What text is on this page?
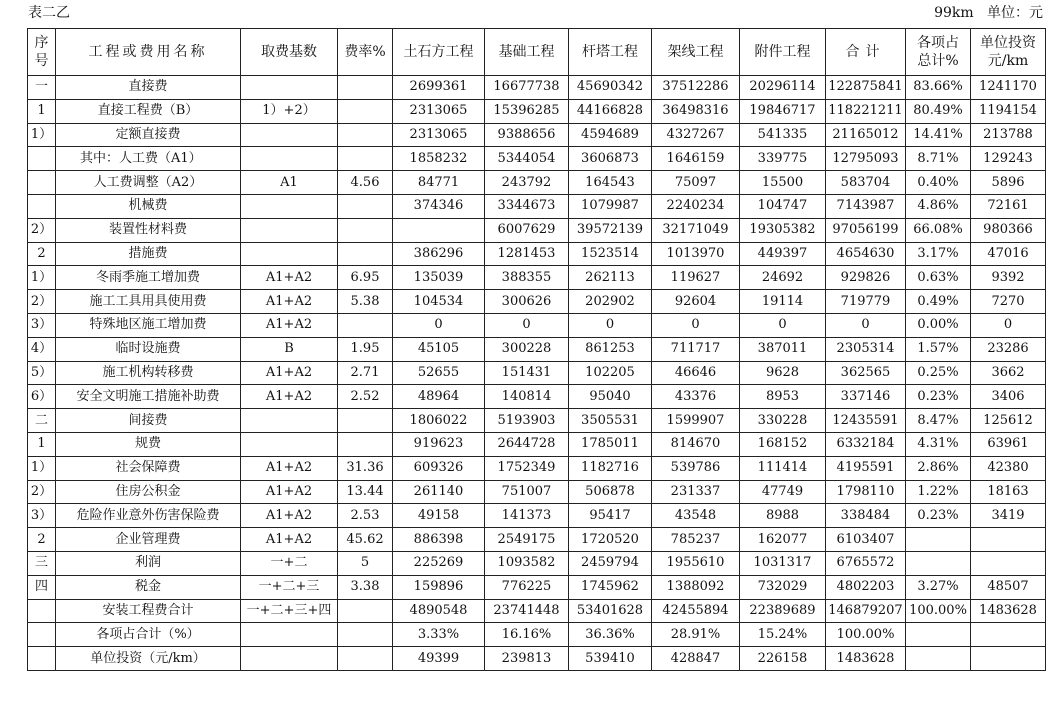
表二乙	99km 单位：元
序号	工程或费用名称	取费基数	费率%	土石方工程	基础工程	杆塔工程	架线工程	附件工程	合计	各项占总计%	单位投资元/km
一	直接费			2699361	16677738	45690342	37512286	20296114	122875841	83.66%	1241170
1	直接工程费（B）	1）+2）		2313065	15396285	44166828	36498316	19846717	118221211	80.49%	1194154
1）	定额直接费			2313065	9388656	4594689	4327267	541335	21165012	14.41%	213788
	其中：人工费（A1）			1858232	5344054	3606873	1646159	339775	12795093	8.71%	129243
	人工费调整（A2）	A1	4.56	84771	243792	164543	75097	15500	583704	0.40%	5896
	机械费			374346	3344673	1079987	2240234	104747	7143987	4.86%	72161
2）	装置性材料费				6007629	39572139	32171049	19305382	97056199	66.08%	980366
2	措施费			386296	1281453	1523514	1013970	449397	4654630	3.17%	47016
1）	冬雨季施工增加费	A1+A2	6.95	135039	388355	262113	119627	24692	929826	0.63%	9392
2）	施工工具用具使用费	A1+A2	5.38	104534	300626	202902	92604	19114	719779	0.49%	7270
3）	特殊地区施工增加费	A1+A2		0	0	0	0	0	0	0.00%	0
4）	临时设施费	B	1.95	45105	300228	861253	711717	387011	2305314	1.57%	23286
5）	施工机构转移费	A1+A2	2.71	52655	151431	102205	46646	9628	362565	0.25%	3662
6）	安全文明施工措施补助费	A1+A2	2.52	48964	140814	95040	43376	8953	337146	0.23%	3406
二	间接费			1806022	5193903	3505531	1599907	330228	12435591	8.47%	125612
1	规费			919623	2644728	1785011	814670	168152	6332184	4.31%	63961
1）	社会保障费	A1+A2	31.36	609326	1752349	1182716	539786	111414	4195591	2.86%	42380
2）	住房公积金	A1+A2	13.44	261140	751007	506878	231337	47749	1798110	1.22%	18163
3）	危险作业意外伤害保险费	A1+A2	2.53	49158	141373	95417	43548	8988	338484	0.23%	3419
2	企业管理费	A1+A2	45.62	886398	2549175	1720520	785237	162077	6103407		
三	利润	一+二	5	225269	1093582	2459794	1955610	1031317	6765572		
四	税金	一+二+三	3.38	159896	776225	1745962	1388092	732029	4802203	3.27%	48507
	安装工程费合计	一+二+三+四		4890548	23741448	53401628	42455894	22389689	146879207	100.00%	1483628
	各项占合计（%）			3.33%	16.16%	36.36%	28.91%	15.24%	100.00%		
	单位投资（元/km）			49399	239813	539410	428847	226158	1483628		
